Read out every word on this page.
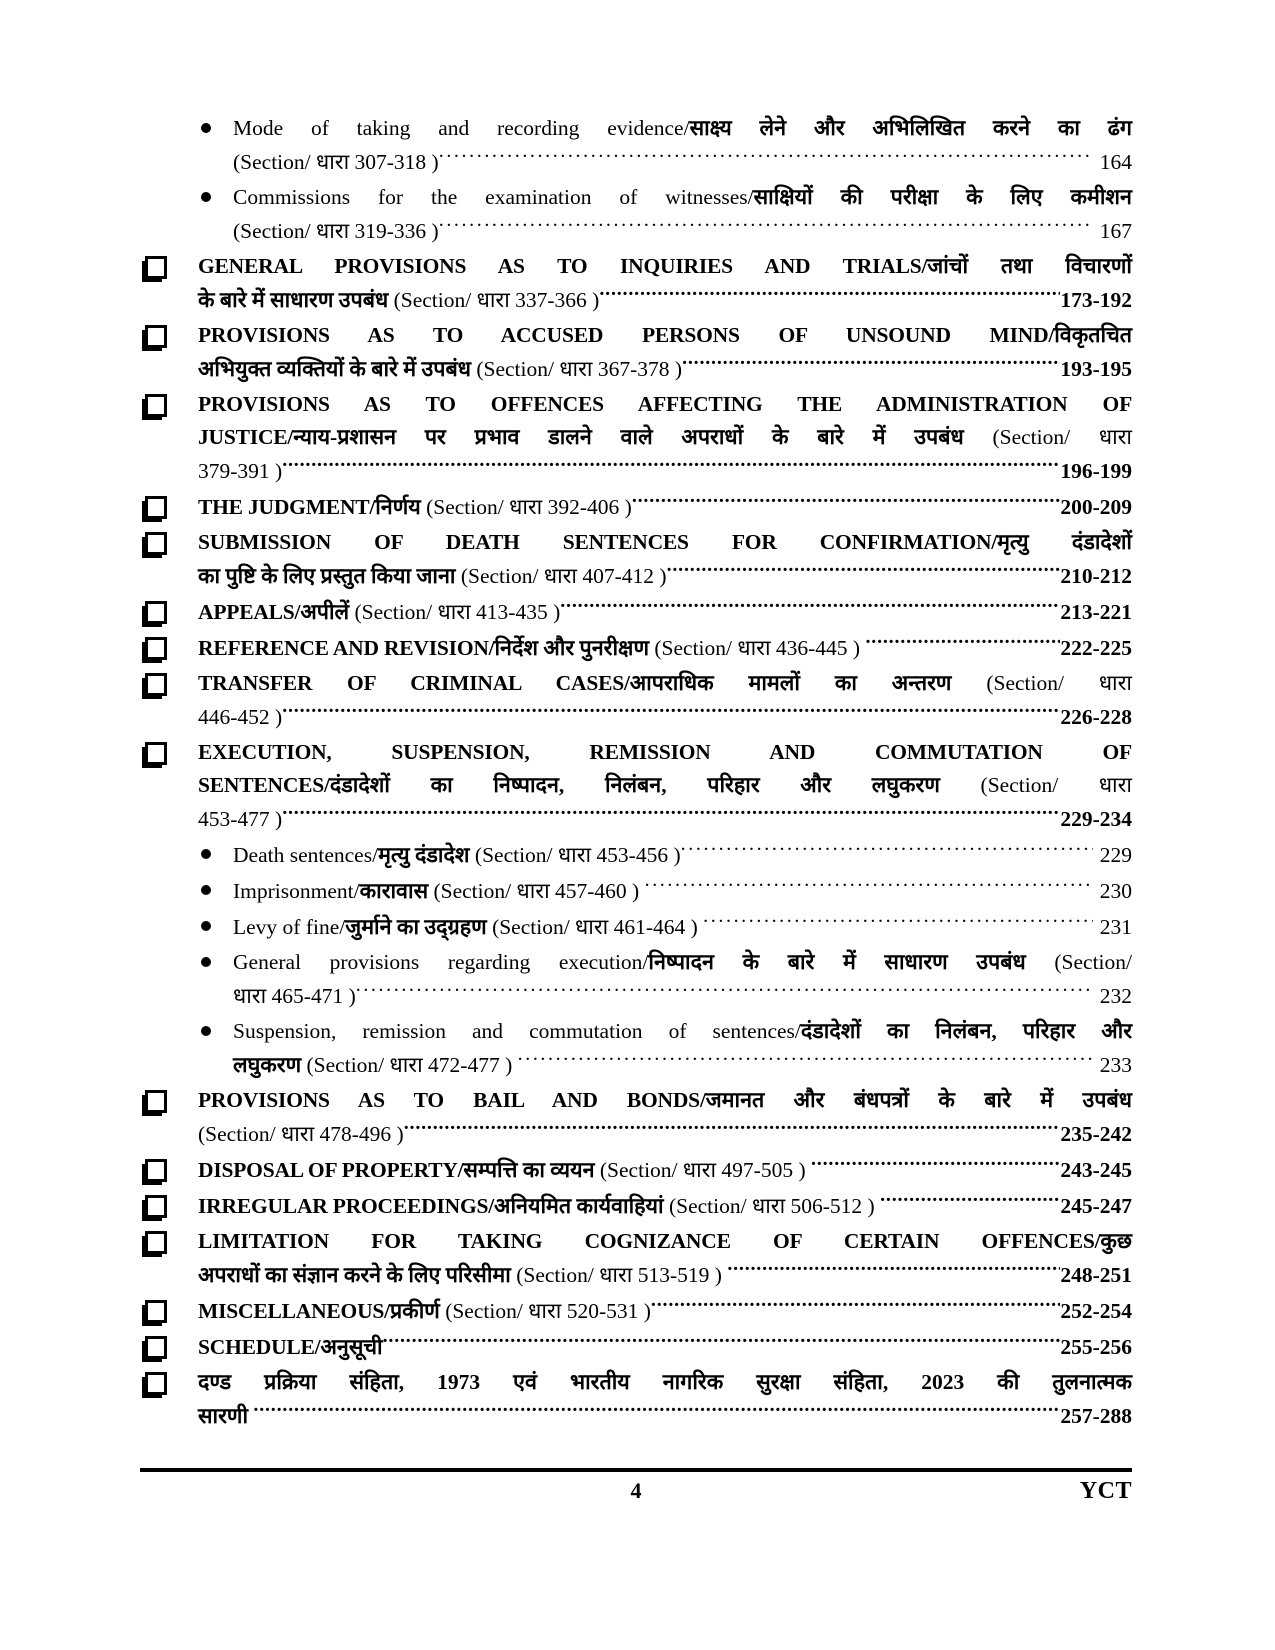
Mode of taking and recording evidence/साक्ष्य लेने और अभिलिखित करने का ढंग
(Section/ धारा 307-318 ) .....	164
Commissions for the examination of witnesses/साक्षियों की परीक्षा के लिए कमीशन
(Section/ धारा 319-336 ) .....	167
GENERAL PROVISIONS AS TO INQUIRIES AND TRIALS/जांचों तथा विचारणों
के बारे में साधारण उपबंध (Section/ धारा 337-366 ) .....	173-192
PROVISIONS AS TO ACCUSED PERSONS OF UNSOUND MIND/विकृतचित
अभियुक्त व्यक्तियों के बारे में उपबंध (Section/ धारा 367-378 ) .....	193-195
PROVISIONS AS TO OFFENCES AFFECTING THE ADMINISTRATION OF
JUSTICE/न्याय-प्रशासन पर प्रभाव डालने वाले अपराधों के बारे में उपबंध (Section/ धारा
379-391 ) .....	196-199
THE JUDGMENT/निर्णय (Section/ धारा 392-406 ) .....	200-209
SUBMISSION OF DEATH SENTENCES FOR CONFIRMATION/मृत्यु दंडादेशों
का पुष्टि के लिए प्रस्तुत किया जाना (Section/ धारा 407-412 ) .....	210-212
APPEALS/अपीलें (Section/ धारा 413-435 ) .....	213-221
REFERENCE AND REVISION/निर्देश और पुनरीक्षण (Section/ धारा 436-445 ) .....	222-225
TRANSFER OF CRIMINAL CASES/आपराधिक मामलों का अन्तरण (Section/ धारा
446-452 ) .....	226-228
EXECUTION, SUSPENSION, REMISSION AND COMMUTATION OF
SENTENCES/दंडादेशों का निष्पादन, निलंबन, परिहार और लघुकरण (Section/ धारा
453-477 ) .....	229-234
Death sentences/मृत्यु दंडादेश (Section/ धारा 453-456 ) .....	229
Imprisonment/कारावास (Section/ धारा 457-460 ) .....	230
Levy of fine/जुर्माने का उद्ग्रहण (Section/ धारा 461-464 ) .....	231
General provisions regarding execution/निष्पादन के बारे में साधारण उपबंध (Section/
धारा 465-471 ) .....	232
Suspension, remission and commutation of sentences/दंडादेशों का निलंबन, परिहार और
लघुकरण (Section/ धारा 472-477 ) .....	233
PROVISIONS AS TO BAIL AND BONDS/जमानत और बंधपत्रों के बारे में उपबंध
(Section/ धारा 478-496 ) .....	235-242
DISPOSAL OF PROPERTY/सम्पत्ति का व्ययन (Section/ धारा 497-505 ) .....	243-245
IRREGULAR PROCEEDINGS/अनियमित कार्यवाहियां (Section/ धारा 506-512 ) .....	245-247
LIMITATION FOR TAKING COGNIZANCE OF CERTAIN OFFENCES/कुछ
अपराधों का संज्ञान करने के लिए परिसीमा (Section/ धारा 513-519 ) .....	248-251
MISCELLANEOUS/प्रकीर्ण (Section/ धारा 520-531 ) .....	252-254
SCHEDULE/अनुसूची .....	255-256
दण्ड प्रक्रिया संहिता, 1973 एवं भारतीय नागरिक सुरक्षा संहिता, 2023 की तुलनात्मक
सारणी .....	257-288
4	YCT
